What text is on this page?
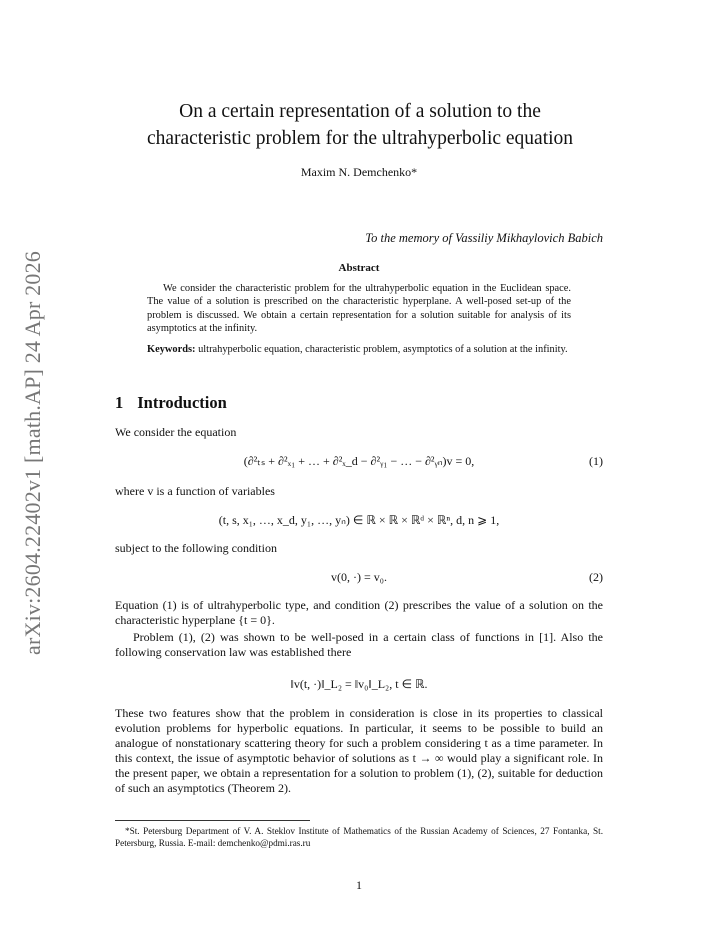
arXiv:2604.22402v1 [math.AP] 24 Apr 2026
On a certain representation of a solution to the
characteristic problem for the ultrahyperbolic equation
Maxim N. Demchenko*
To the memory of Vassiliy Mikhaylovich Babich
Abstract
We consider the characteristic problem for the ultrahyperbolic equation in the Euclidean space. The value of a solution is prescribed on the characteristic hyperplane. A well-posed set-up of the problem is discussed. We obtain a certain representation for a solution suitable for analysis of its asymptotics at the infinity.
Keywords: ultrahyperbolic equation, characteristic problem, asymptotics of a solution at the infinity.
1 Introduction
We consider the equation
(∂²ₜₛ + ∂²ₓ₁ + … + ∂²ₓ_d − ∂²ᵧ₁ − … − ∂²ᵧₙ)v = 0,	(1)
where v is a function of variables
(t, s, x₁, …, x_d, y₁, …, yₙ) ∈ ℝ × ℝ × ℝᵈ × ℝⁿ, d, n ⩾ 1,
subject to the following condition
v(0, ·) = v₀.	(2)
Equation (1) is of ultrahyperbolic type, and condition (2) prescribes the value of a solution on the characteristic hyperplane {t = 0}.
Problem (1), (2) was shown to be well-posed in a certain class of functions in [1]. Also the following conservation law was established there
‖v(t, ·)‖_L₂ = ‖v₀‖_L₂, t ∈ ℝ.
These two features show that the problem in consideration is close in its properties to classical evolution problems for hyperbolic equations. In particular, it seems to be possible to build an analogue of nonstationary scattering theory for such a problem considering t as a time parameter. In this context, the issue of asymptotic behavior of solutions as t → ∞ would play a significant role. In the present paper, we obtain a representation for a solution to problem (1), (2), suitable for deduction of such an asymptotics (Theorem 2).
*St. Petersburg Department of V. A. Steklov Institute of Mathematics of the Russian Academy of Sciences, 27 Fontanka, St. Petersburg, Russia. E-mail: demchenko@pdmi.ras.ru
1
